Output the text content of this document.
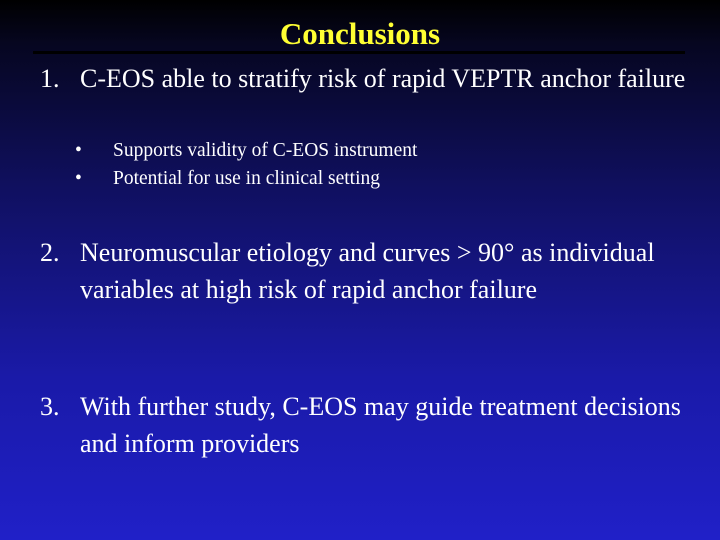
Conclusions
1. C-EOS able to stratify risk of rapid VEPTR anchor failure
• Supports validity of C-EOS instrument
• Potential for use in clinical setting
2. Neuromuscular etiology and curves > 90° as individual variables at high risk of rapid anchor failure
3. With further study, C-EOS may guide treatment decisions and inform providers
